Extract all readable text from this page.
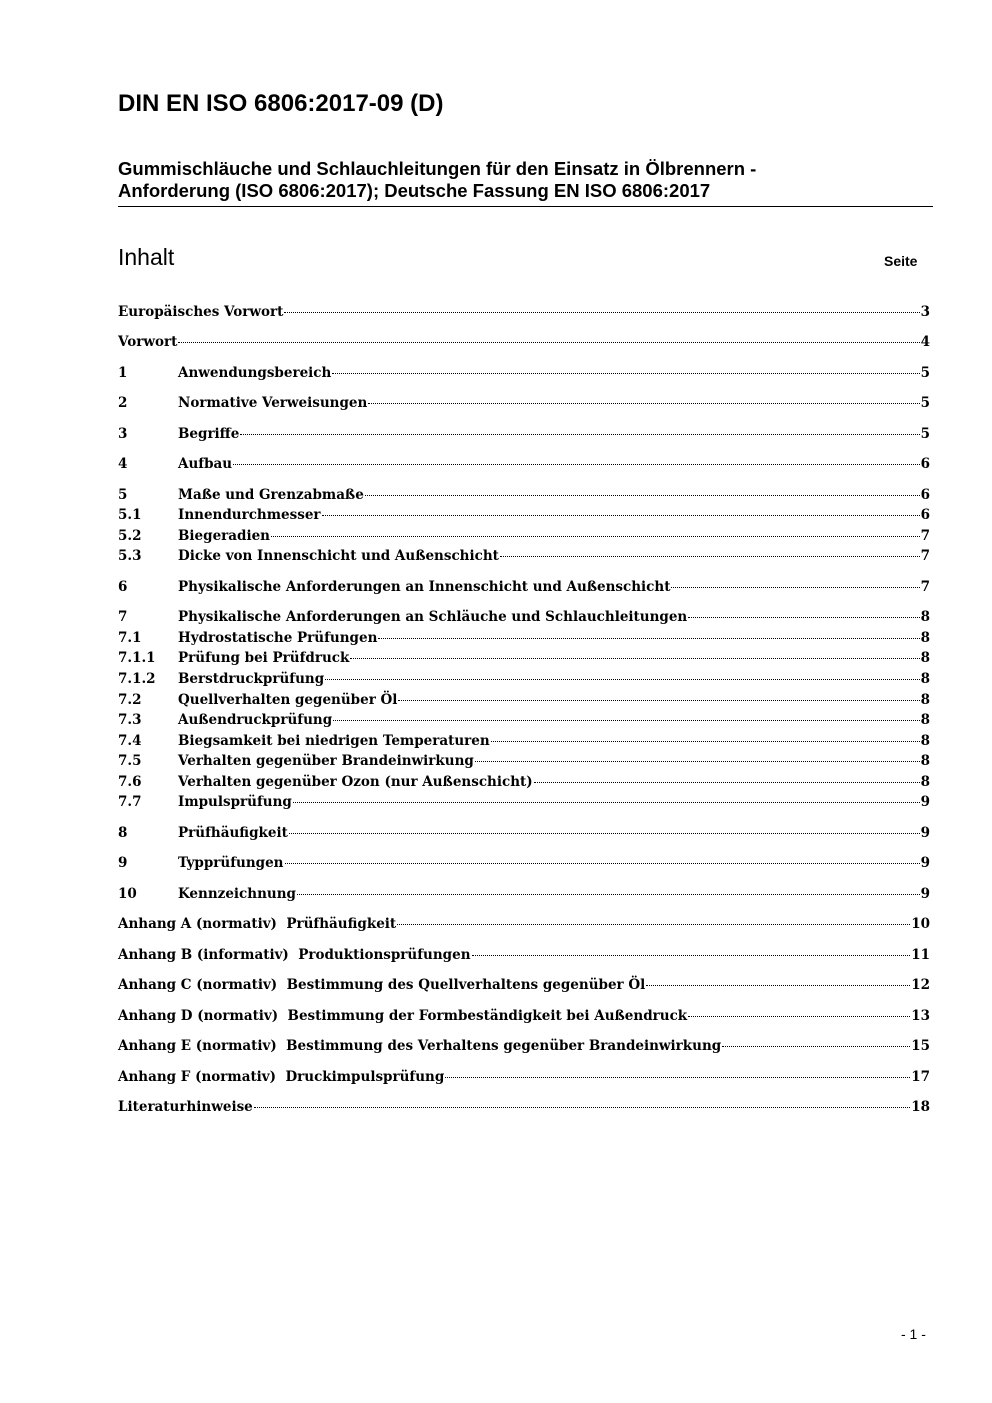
DIN EN ISO 6806:2017-09 (D)
Gummischläuche und Schlauchleitungen für den Einsatz in Ölbrennern -
Anforderung (ISO 6806:2017); Deutsche Fassung EN ISO 6806:2017
Inhalt	Seite
Europäisches Vorwort	3
Vorwort	4
1	Anwendungsbereich	5
2	Normative Verweisungen	5
3	Begriffe	5
4	Aufbau	6
5	Maße und Grenzabmaße	6
5.1	Innendurchmesser	6
5.2	Biegeradien	7
5.3	Dicke von Innenschicht und Außenschicht	7
6	Physikalische Anforderungen an Innenschicht und Außenschicht	7
7	Physikalische Anforderungen an Schläuche und Schlauchleitungen	8
7.1	Hydrostatische Prüfungen	8
7.1.1	Prüfung bei Prüfdruck	8
7.1.2	Berstdruckprüfung	8
7.2	Quellverhalten gegenüber Öl	8
7.3	Außendruckprüfung	8
7.4	Biegsamkeit bei niedrigen Temperaturen	8
7.5	Verhalten gegenüber Brandeinwirkung	8
7.6	Verhalten gegenüber Ozon (nur Außenschicht)	8
7.7	Impulsprüfung	9
8	Prüfhäufigkeit	9
9	Typprüfungen	9
10	Kennzeichnung	9
Anhang A (normativ)  Prüfhäufigkeit	10
Anhang B (informativ)  Produktionsprüfungen	11
Anhang C (normativ)  Bestimmung des Quellverhaltens gegenüber Öl	12
Anhang D (normativ)  Bestimmung der Formbeständigkeit bei Außendruck	13
Anhang E (normativ)  Bestimmung des Verhaltens gegenüber Brandeinwirkung	15
Anhang F (normativ)  Druckimpulsprüfung	17
Literaturhinweise	18
- 1 -
